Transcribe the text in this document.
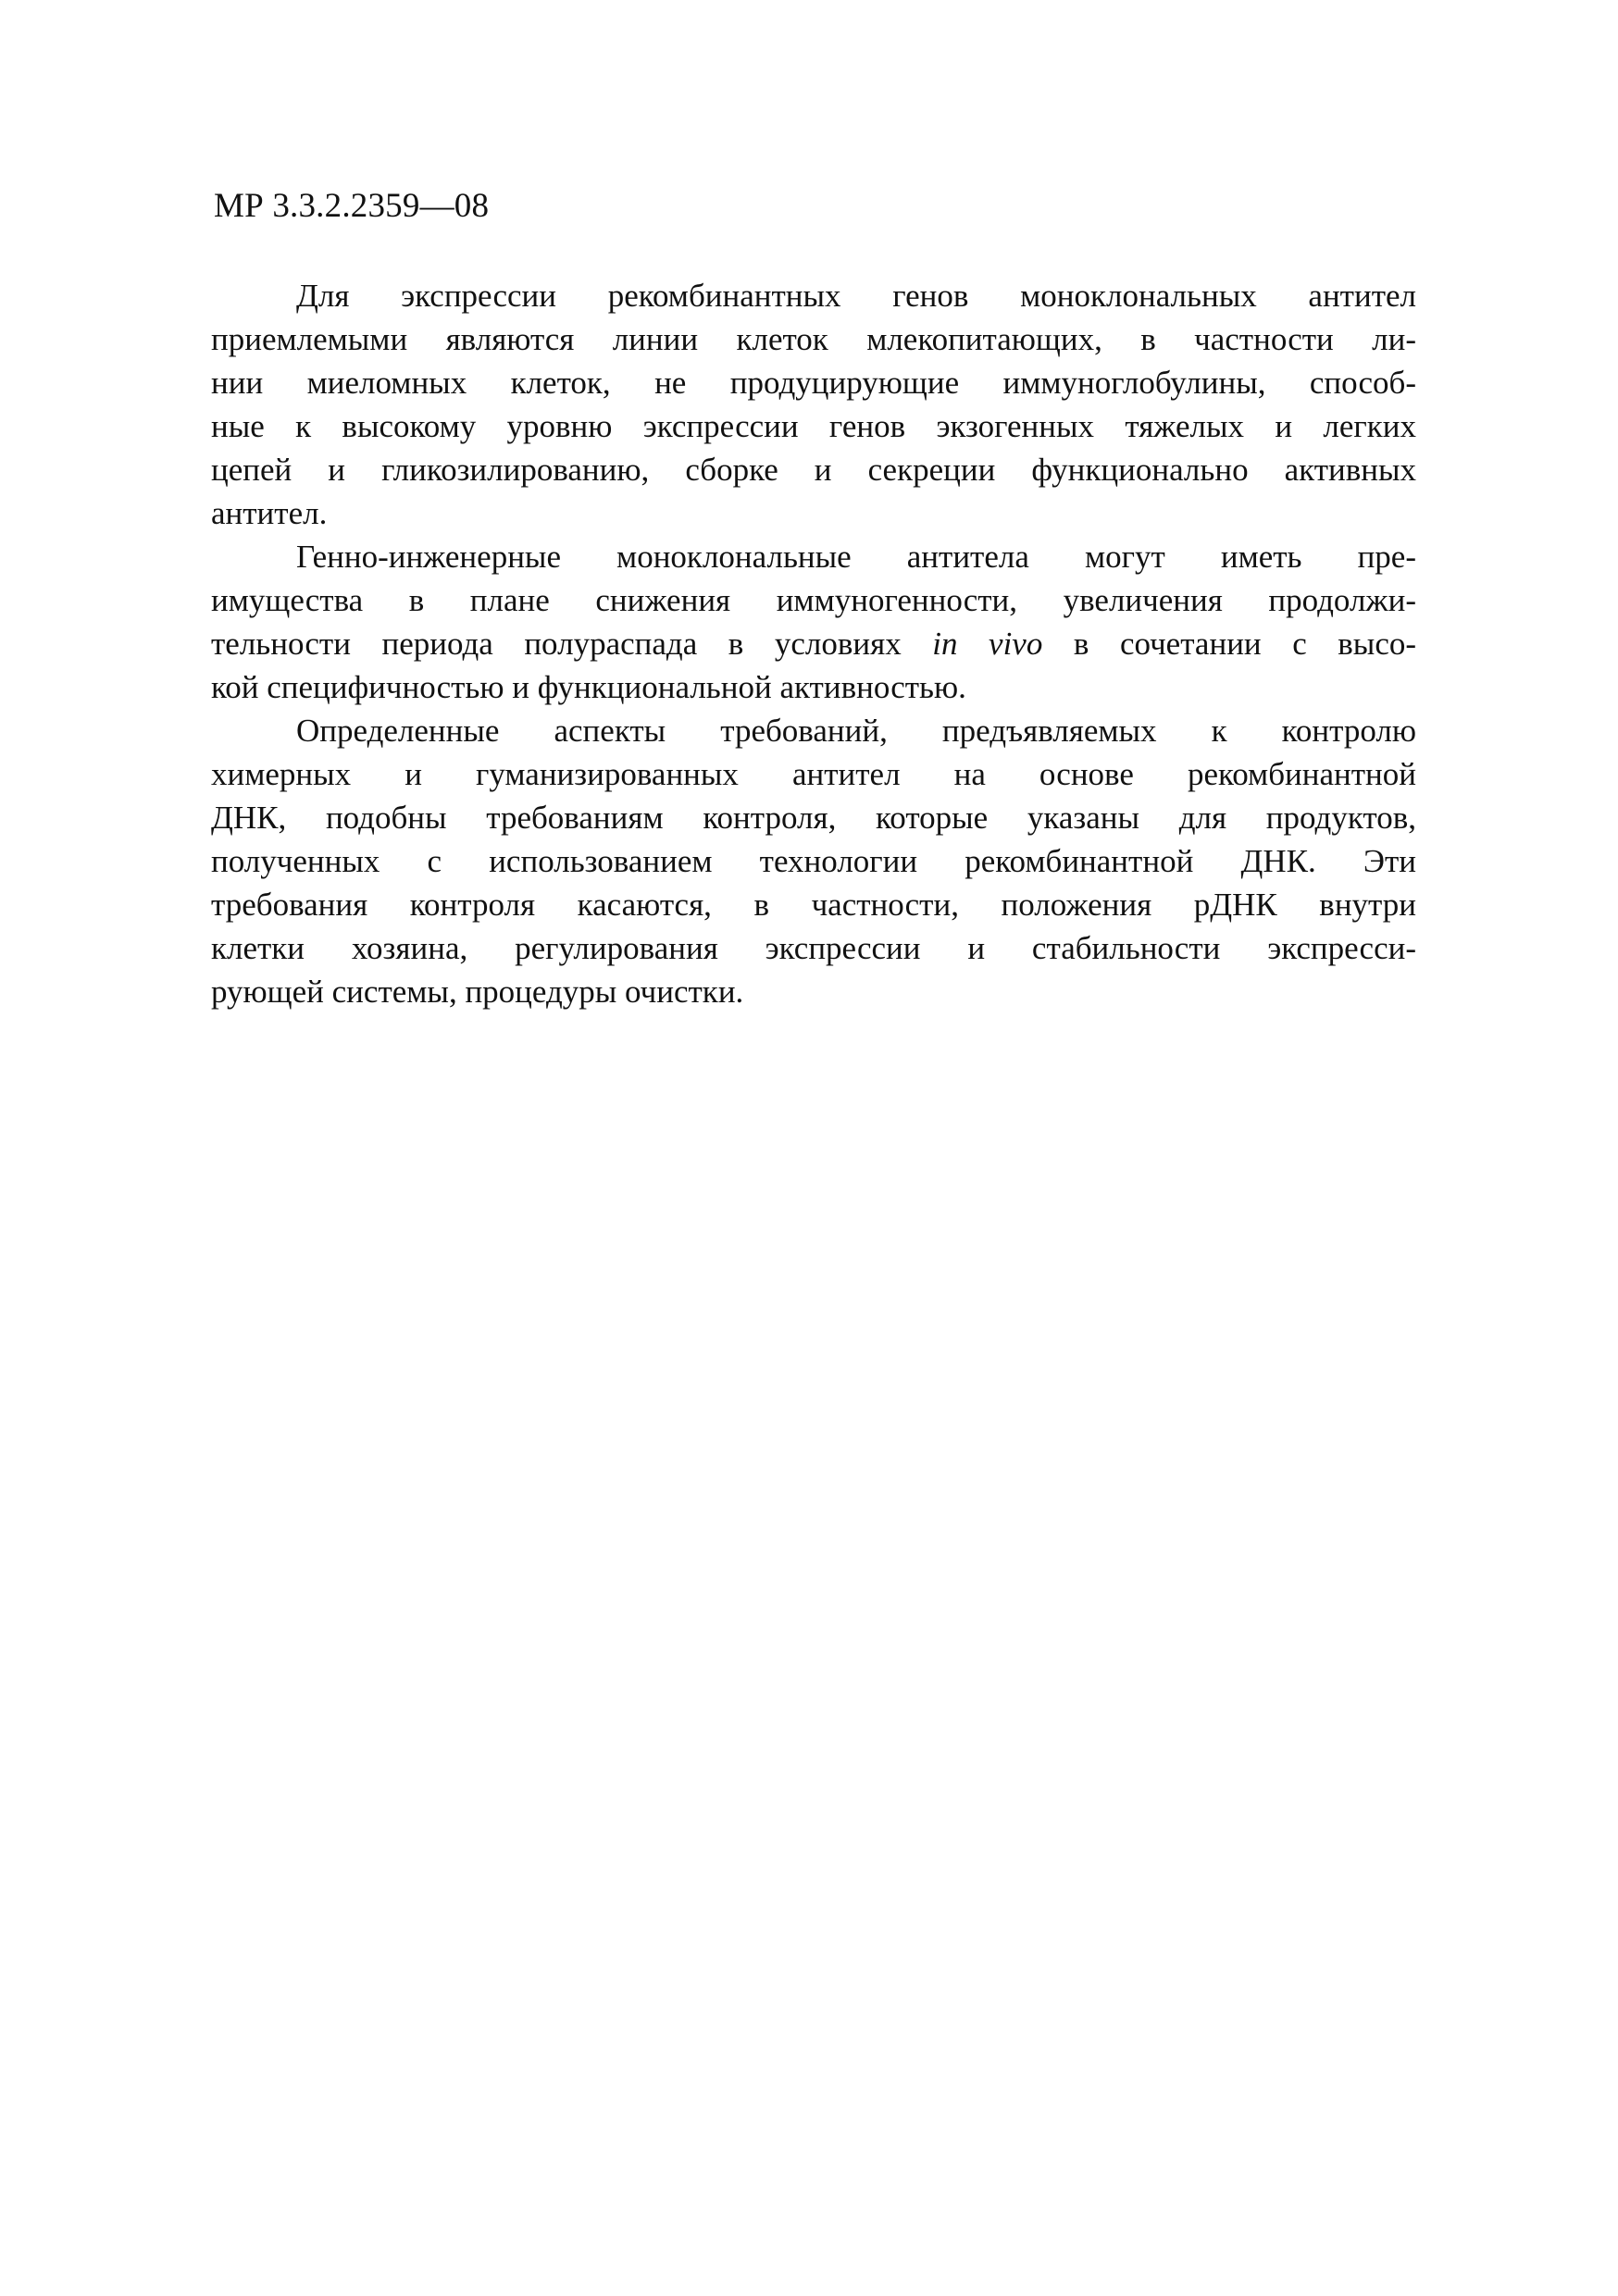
МР 3.3.2.2359—08

Для экспрессии рекомбинантных генов моноклональных антител
приемлемыми являются линии клеток млекопитающих, в частности ли-
нии миеломных клеток, не продуцирующие иммуноглобулины, способ-
ные к высокому уровню экспрессии генов экзогенных тяжелых и легких
цепей и гликозилированию, сборке и секреции функционально активных
антител.

Генно-инженерные моноклональные антитела могут иметь пре-
имущества в плане снижения иммуногенности, увеличения продолжи-
тельности периода полураспада в условиях in vivo в сочетании с высо-
кой специфичностью и функциональной активностью.

Определенные аспекты требований, предъявляемых к контролю
химерных и гуманизированных антител на основе рекомбинантной
ДНК, подобны требованиям контроля, которые указаны для продуктов,
полученных с использованием технологии рекомбинантной ДНК. Эти
требования контроля касаются, в частности, положения рДНК внутри
клетки хозяина, регулирования экспрессии и стабильности экспресси-
рующей системы, процедуры очистки.
